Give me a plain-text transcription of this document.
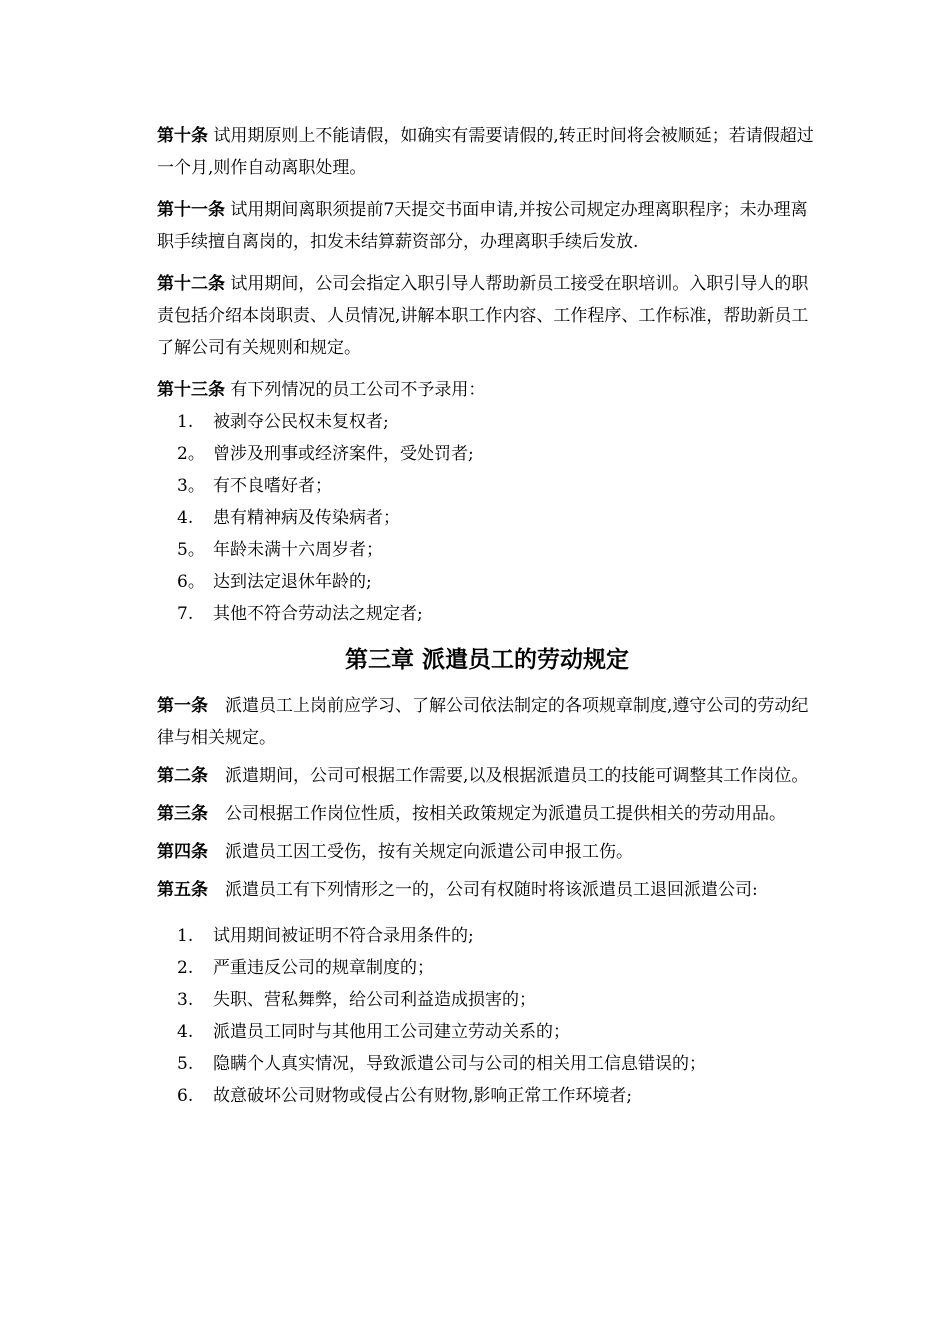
第十条 试用期原则上不能请假，如确实有需要请假的,转正时间将会被顺延；若请假超过一个月,则作自动离职处理。

第十一条 试用期间离职须提前7天提交书面申请,并按公司规定办理离职程序；未办理离职手续擅自离岗的，扣发未结算薪资部分，办理离职手续后发放.

第十二条 试用期间，公司会指定入职引导人帮助新员工接受在职培训。入职引导人的职责包括介绍本岗职责、人员情况,讲解本职工作内容、工作程序、工作标准，帮助新员工了解公司有关规则和规定。

第十三条 有下列情况的员工公司不予录用：

1. 被剥夺公民权未复权者;
2。 曾涉及刑事或经济案件，受处罚者;
3。 有不良嗜好者；
4. 患有精神病及传染病者；
5。 年龄未满十六周岁者；
6。 达到法定退休年龄的;
7. 其他不符合劳动法之规定者;
第三章 派遣员工的劳动规定

第一条　派遣员工上岗前应学习、了解公司依法制定的各项规章制度,遵守公司的劳动纪律与相关规定。

第二条　派遣期间，公司可根据工作需要,以及根据派遣员工的技能可调整其工作岗位。

第三条　公司根据工作岗位性质，按相关政策规定为派遣员工提供相关的劳动用品。

第四条　派遣员工因工受伤，按有关规定向派遣公司申报工伤。

第五条　派遣员工有下列情形之一的，公司有权随时将该派遣员工退回派遣公司:

1. 试用期间被证明不符合录用条件的;
2. 严重违反公司的规章制度的；
3. 失职、营私舞弊，给公司利益造成损害的；
4. 派遣员工同时与其他用工公司建立劳动关系的；
5. 隐瞒个人真实情况，导致派遣公司与公司的相关用工信息错误的；
6. 故意破坏公司财物或侵占公有财物,影响正常工作环境者;
